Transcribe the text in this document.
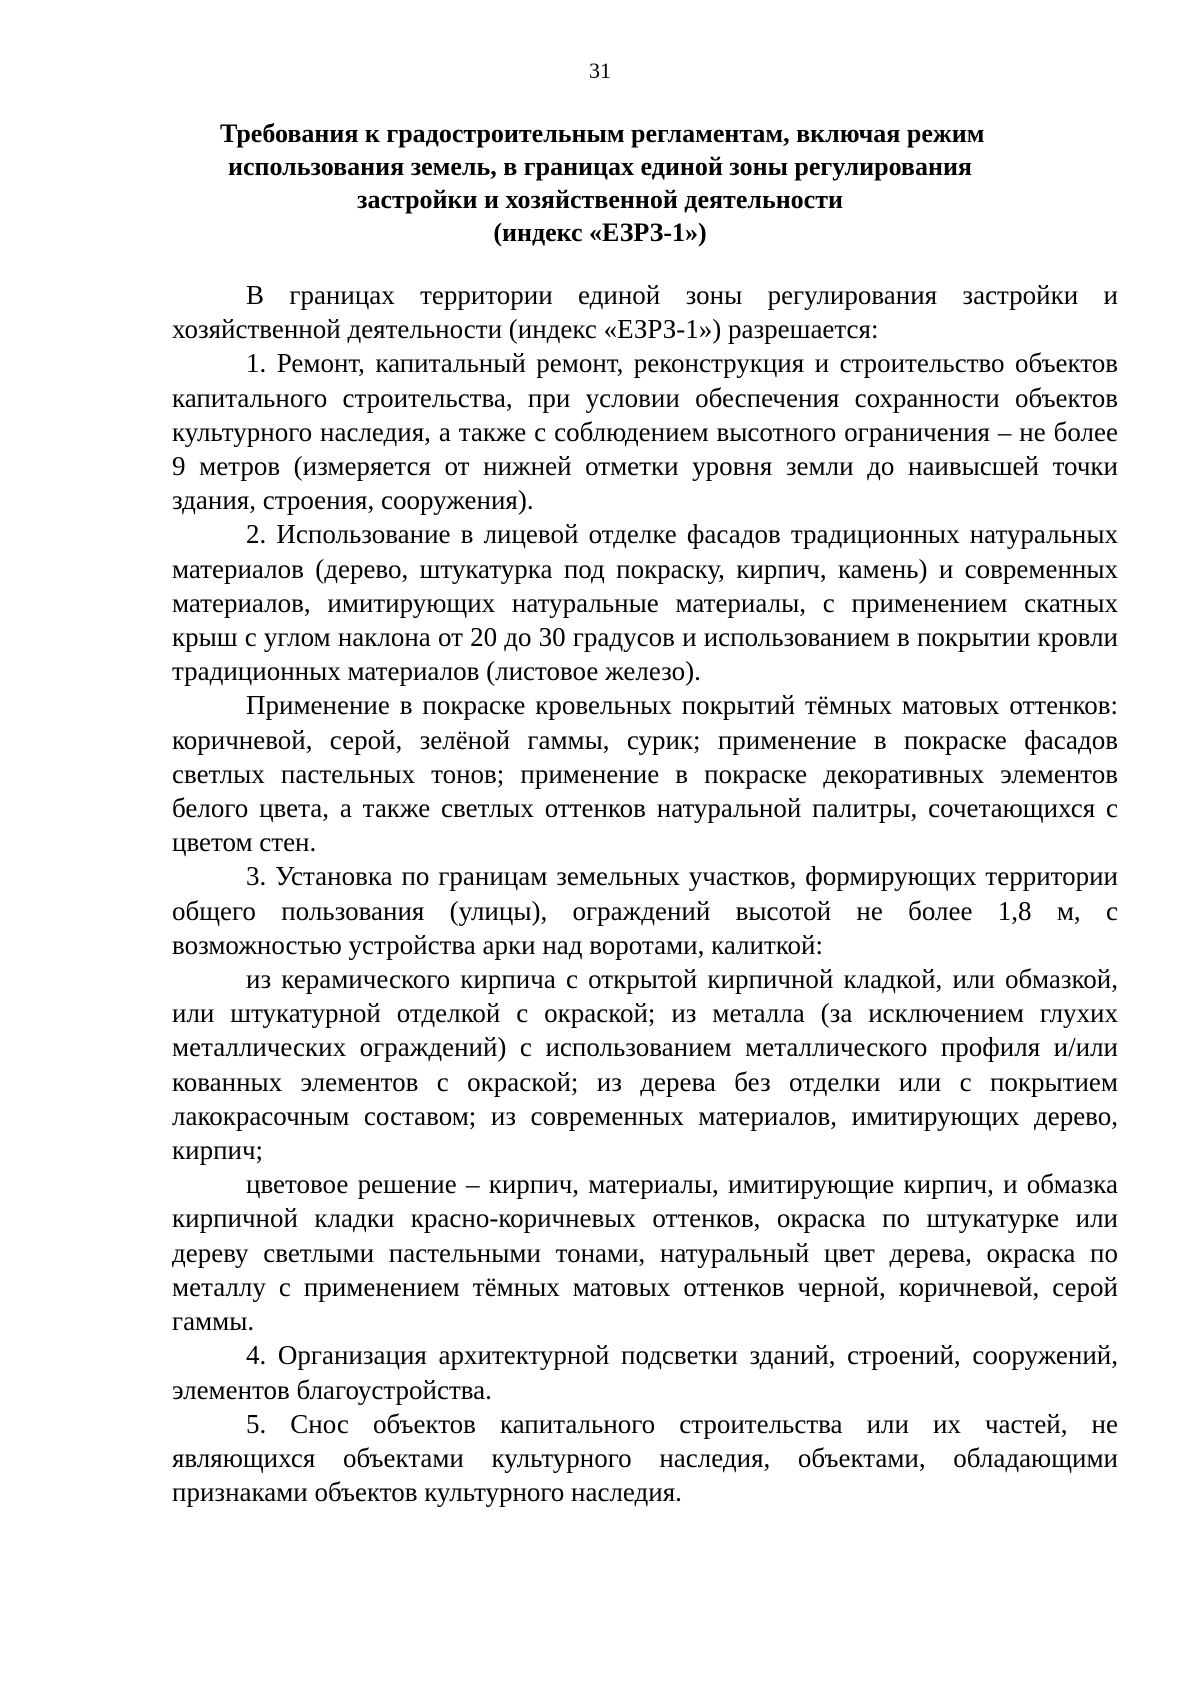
31
Требования к градостроительным регламентам, включая режим
использования земель, в границах единой зоны регулирования
застройки и хозяйственной деятельности
(индекс «ЕЗРЗ-1»)

В границах территории единой зоны регулирования застройки и хозяйственной деятельности (индекс «ЕЗРЗ-1») разрешается:

1. Ремонт, капитальный ремонт, реконструкция и строительство объектов капитального строительства, при условии обеспечения сохранности объектов культурного наследия, а также с соблюдением высотного ограничения – не более 9 метров (измеряется от нижней отметки уровня земли до наивысшей точки здания, строения, сооружения).

2. Использование в лицевой отделке фасадов традиционных натуральных материалов (дерево, штукатурка под покраску, кирпич, камень) и современных материалов, имитирующих натуральные материалы, с применением скатных крыш с углом наклона от 20 до 30 градусов и использованием в покрытии кровли традиционных материалов (листовое железо).

Применение в покраске кровельных покрытий тёмных матовых оттенков: коричневой, серой, зелёной гаммы, сурик; применение в покраске фасадов светлых пастельных тонов; применение в покраске декоративных элементов белого цвета, а также светлых оттенков натуральной палитры, сочетающихся с цветом стен.

3. Установка по границам земельных участков, формирующих территории общего пользования (улицы), ограждений высотой не более 1,8 м, с возможностью устройства арки над воротами, калиткой:

из керамического кирпича с открытой кирпичной кладкой, или обмазкой, или штукатурной отделкой с окраской; из металла (за исключением глухих металлических ограждений) с использованием металлического профиля и/или кованных элементов с окраской; из дерева без отделки или с покрытием лакокрасочным составом; из современных материалов, имитирующих дерево, кирпич;

цветовое решение – кирпич, материалы, имитирующие кирпич, и обмазка кирпичной кладки красно-коричневых оттенков, окраска по штукатурке или дереву светлыми пастельными тонами, натуральный цвет дерева, окраска по металлу с применением тёмных матовых оттенков черной, коричневой, серой гаммы.

4. Организация архитектурной подсветки зданий, строений, сооружений, элементов благоустройства.

5. Снос объектов капитального строительства или их частей, не являющихся объектами культурного наследия, объектами, обладающими признаками объектов культурного наследия.
